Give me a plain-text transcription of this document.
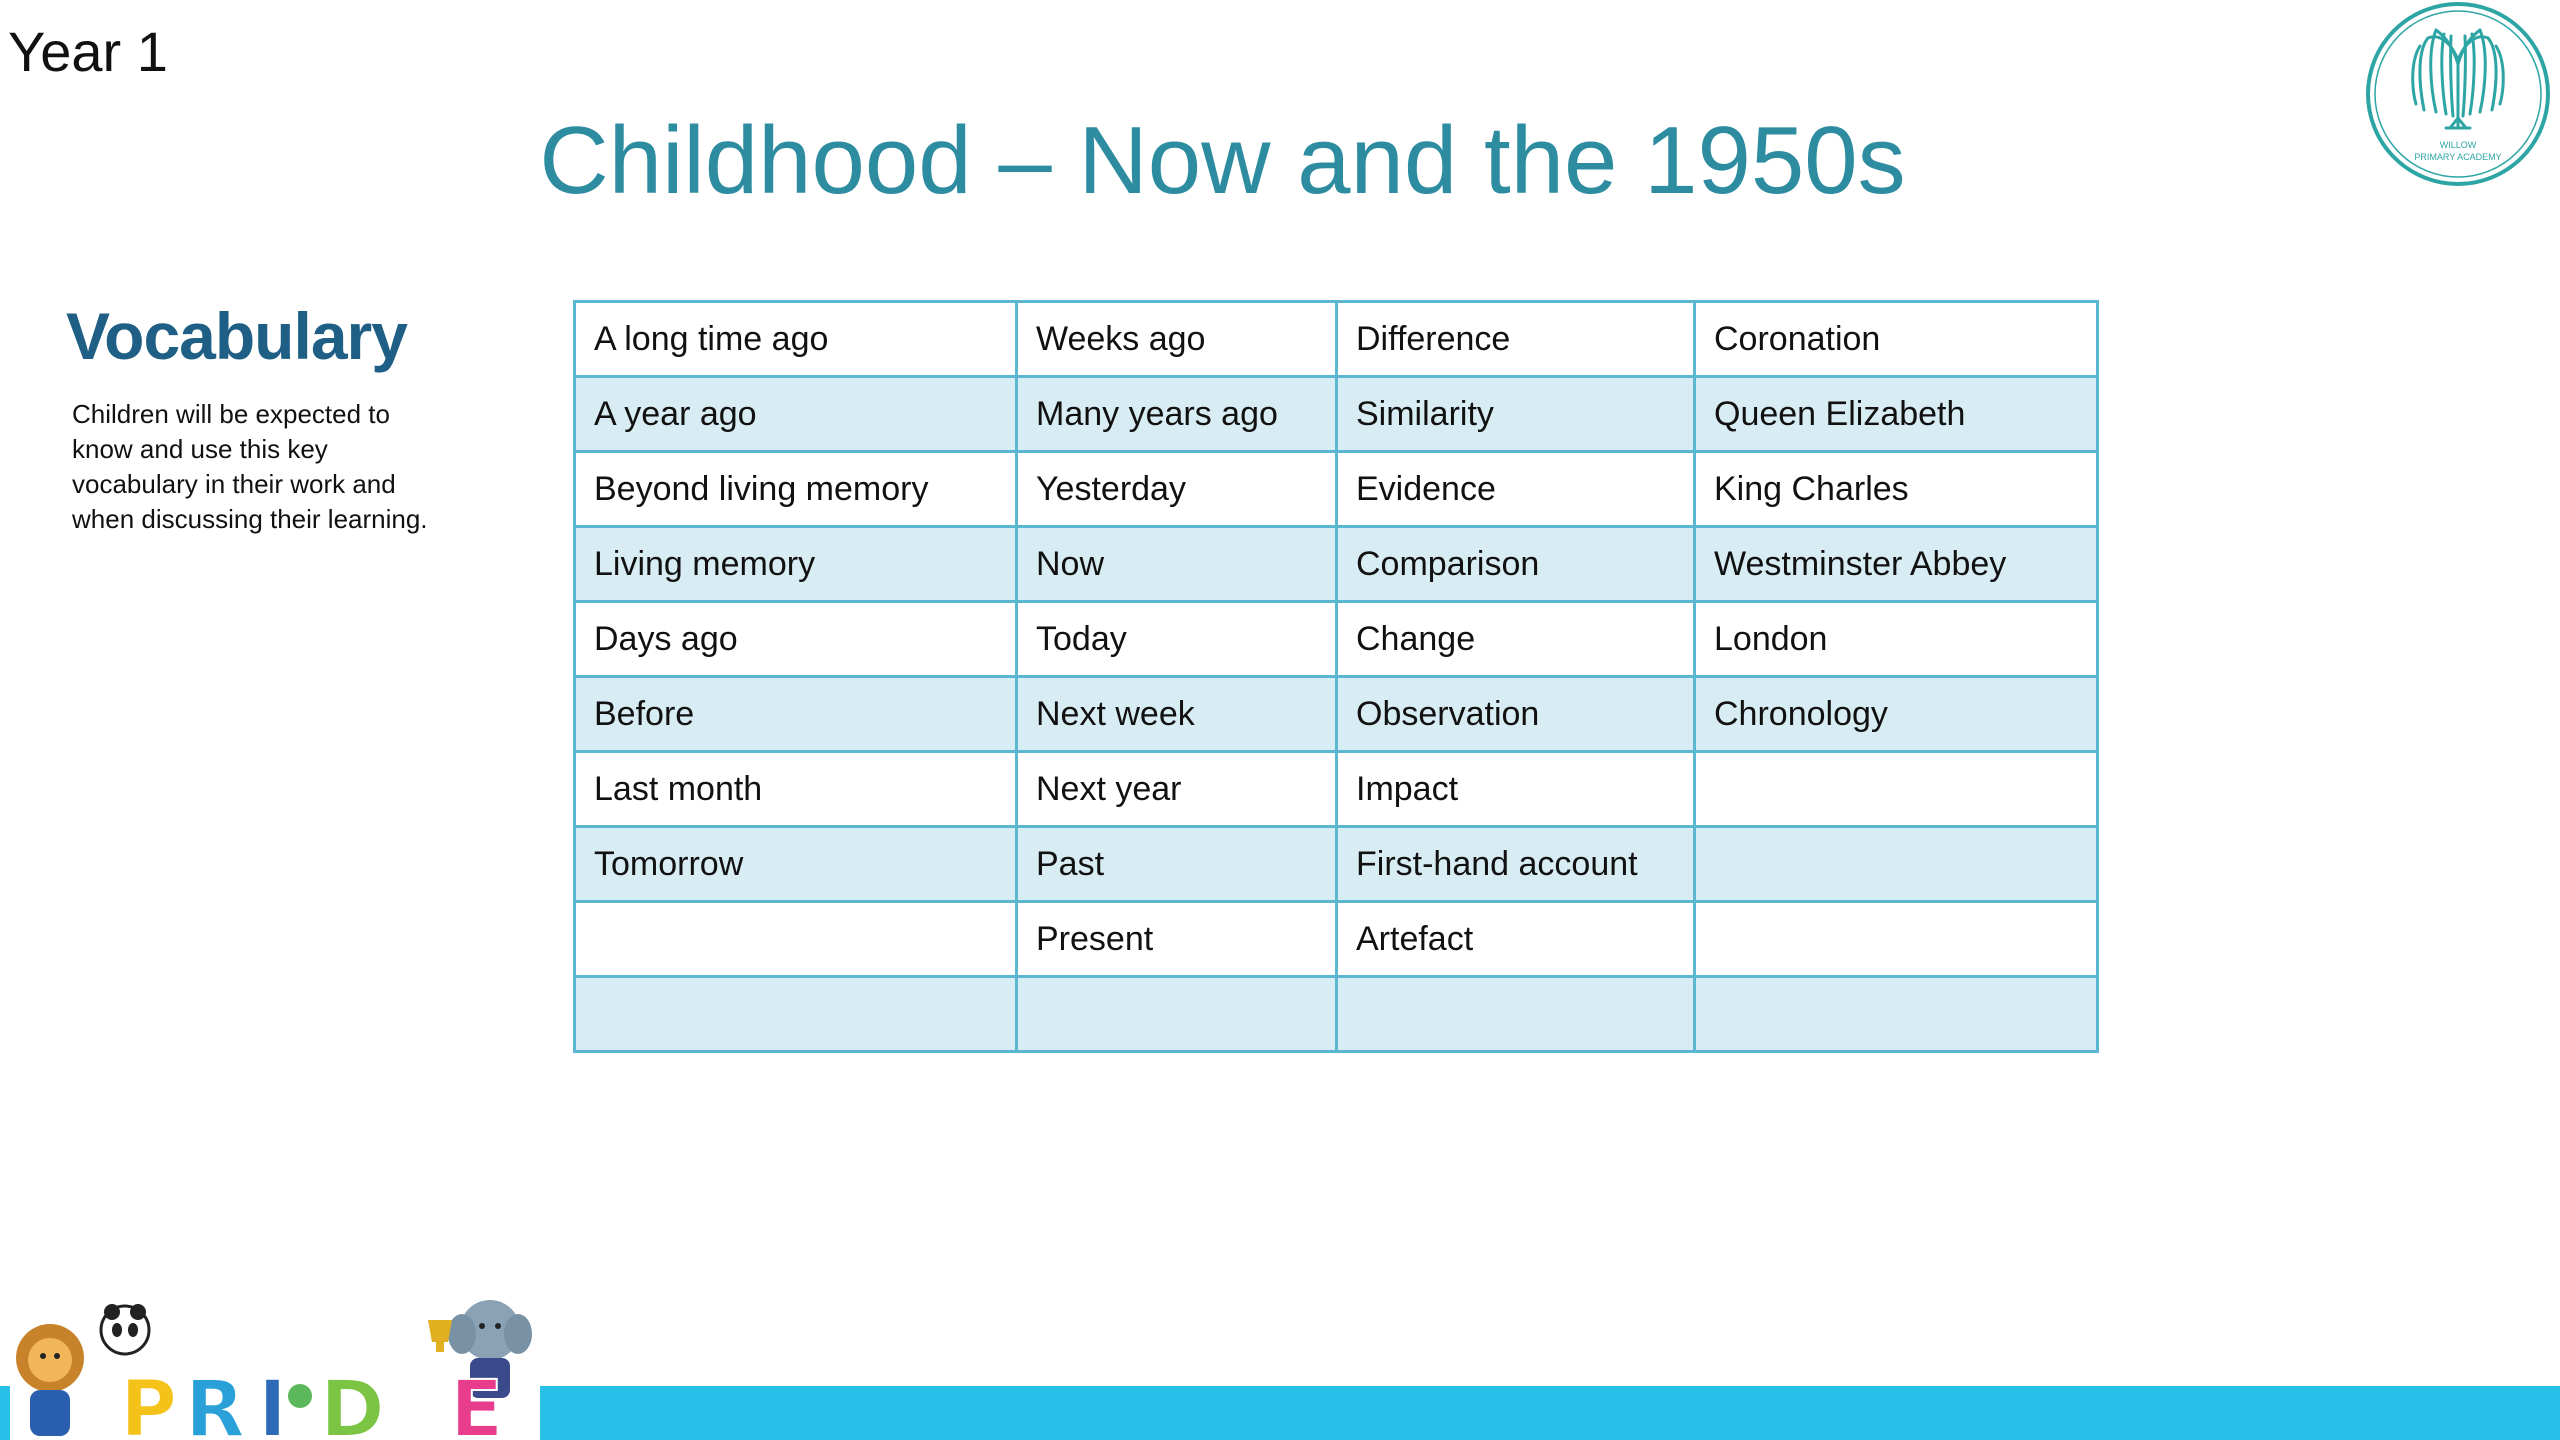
Year 1
Childhood – Now and the 1950s	WILLOW
PRIMARY ACADEMY
Vocabulary
Children will be expected to know and use this key vocabulary in their work and when discussing their learning.
A long time ago	Weeks ago	Difference	Coronation
A year ago	Many years ago	Similarity	Queen Elizabeth
Beyond living memory	Yesterday	Evidence	King Charles
Living memory	Now	Comparison	Westminster Abbey
Days ago	Today	Change	London
Before	Next week	Observation	Chronology
Last month	Next year	Impact	
Tomorrow	Past	First-hand account	
	Present	Artefact	

P R I D E
